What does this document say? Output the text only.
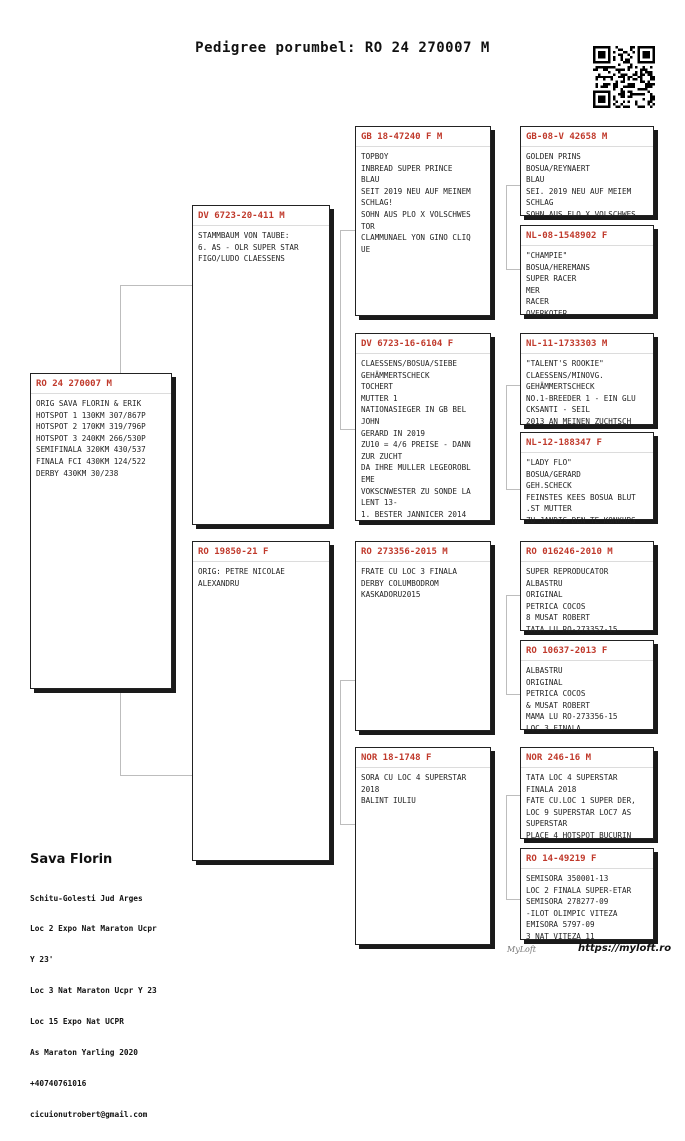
Pedigree porumbel: RO 24 270007 M
RO 24 270007 M
ORIG SAVA FLORIN & ERIK
HOTSPOT 1 130KM 307/867P
HOTSPOT 2 170KM 319/796P
HOTSPOT 3 240KM 266/530P
SEMIFINALA 320KM 430/537
FINALA FCI 430KM 124/522
DERBY 430KM 30/238
DV 6723-20-411 M
STAMMBAUM VON TAUBE:
6. AS - OLR SUPER STAR
FIGO/LUDO CLAESSENS
RO 19850-21 F
ORIG: PETRE NICOLAE
ALEXANDRU
GB 18-47240 F M
TOPBOY
INBREAD SUPER PRINCE
BLAU
SEIT 2019 NEU AUF MEINEM
SCHLAG!
SOHN AUS PLO X VOLSCHWES
TOR
CLAMMUNAEL YON GINO CLIQ
UE
DV 6723-16-6104 F
CLAESSENS/BOSUA/SIEBE
GEHÄMMERTSCHECK
TOCHERT
MUTTER 1
NATIONASIEGER IN GB BEL
JOHN
GERARD IN 2019
ZU10 = 4/6 PREISE - DANN
ZUR ZUCHT
DA IHRE MULLER LEGEOROBL
EME
VOKSCNWESTER ZU SONDE LA
LENT 13-
1. BESTER JANNICER 2014
RO 273356-2015 M
FRATE CU LOC 3 FINALA
DERBY COLUMBODROM
KASKADORU2015
NOR 18-1748 F
SORA CU LOC 4 SUPERSTAR
2018
BALINT IULIU
GB-08-V 42658 M
GOLDEN PRINS
BOSUA/REYNAERT
BLAU
SEI. 2019 NEU AUF MEIEM
SCHLAG
SOHN AUS FLO X VOLSCHWES
NL-08-1548902 F
"CHAMPIE"
BOSUA/HEREMANS
SUPER RACER
MER
RACER
OVERKOTER
NL-11-1733303 M
"TALENT'S ROOKIE"
CLAESSENS/MINOVG.
GEHÄMMERTSCHECK
NO.1-BREEDER 1 - EIN GLU
CKSANTI - SEIL
2013 AN MEINEN ZUCHTSCH
NL-12-188347 F
"LADY FLO"
BOSUA/GERARD
GEH.SCHECK
FEINSTES KEES BOSUA BLUT
.ST MUTTER
ZU JANDIS DEN TE KONKURS
RO 016246-2010 M
SUPER REPRODUCATOR
ALBASTRU
ORIGINAL
PETRICA COCOS
8 MUSAT ROBERT
TATA LU RO-273357-15
RO 10637-2013 F
ALBASTRU
ORIGINAL
PETRICA COCOS
& MUSAT ROBERT
MAMA LU RO-273356-15
LOC 3 FINALA
NOR 246-16 M
TATA LOC 4 SUPERSTAR
FINALA 2018
FATE CU.LOC 1 SUPER DER,
LOC 9 SUPERSTAR LOC7 AS
SUPERSTAR
PLACE 4 HOTSPOT BUCURIN
RO 14-49219 F
SEMISORA 350001-13
LOC 2 FINALA SUPER-ETAR
SEMISORA 278277-09
-ILOT OLIMPIC VITEZA
EMISORA 5797-09
3 NAT VITEZA 11
Sava Florin

Schitu-Golesti Jud Arges

Loc 2 Expo Nat Maraton Ucpr

Y 23'

Loc 3 Nat Maraton Ucpr Y 23

Loc 15 Expo Nat UCPR

As Maraton Yarling 2020

+40740761016

cicuionutrobert@gmail.com

MyLoft	https://myloft.ro
